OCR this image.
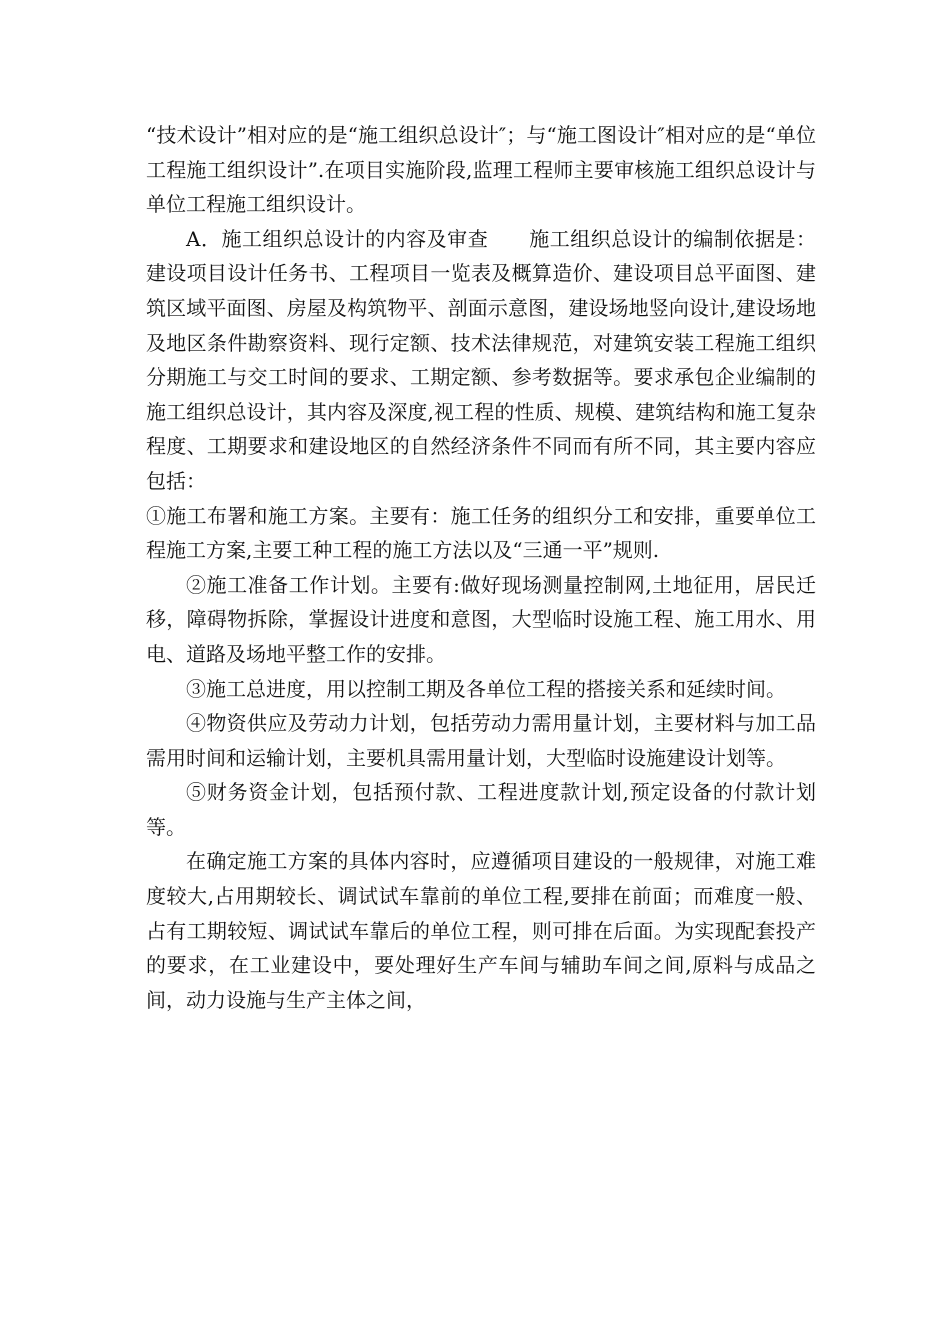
“技术设计”相对应的是“施工组织总设计″；与“施工图设计″相对应的是“单位工程施工组织设计”.在项目实施阶段,监理工程师主要审核施工组织总设计与单位工程施工组织设计。

A．施工组织总设计的内容及审查　　施工组织总设计的编制依据是：建设项目设计任务书、工程项目一览表及概算造价、建设项目总平面图、建筑区域平面图、房屋及构筑物平、剖面示意图，建设场地竖向设计,建设场地及地区条件勘察资料、现行定额、技术法律规范，对建筑安装工程施工组织分期施工与交工时间的要求、工期定额、参考数据等。要求承包企业编制的施工组织总设计，其内容及深度,视工程的性质、规模、建筑结构和施工复杂程度、工期要求和建设地区的自然经济条件不同而有所不同，其主要内容应包括：

①施工布署和施工方案。主要有：施工任务的组织分工和安排，重要单位工程施工方案,主要工种工程的施工方法以及“三通一平”规则.

②施工准备工作计划。主要有:做好现场测量控制网,土地征用，居民迁移，障碍物拆除，掌握设计进度和意图，大型临时设施工程、施工用水、用电、道路及场地平整工作的安排。

③施工总进度，用以控制工期及各单位工程的搭接关系和延续时间。

④物资供应及劳动力计划，包括劳动力需用量计划，主要材料与加工品需用时间和运输计划，主要机具需用量计划，大型临时设施建设计划等。

⑤财务资金计划，包括预付款、工程进度款计划,预定设备的付款计划等。

在确定施工方案的具体内容时，应遵循项目建设的一般规律，对施工难度较大,占用期较长、调试试车靠前的单位工程,要排在前面；而难度一般、占有工期较短、调试试车靠后的单位工程，则可排在后面。为实现配套投产的要求，在工业建设中，要处理好生产车间与辅助车间之间,原料与成品之间，动力设施与生产主体之间，
